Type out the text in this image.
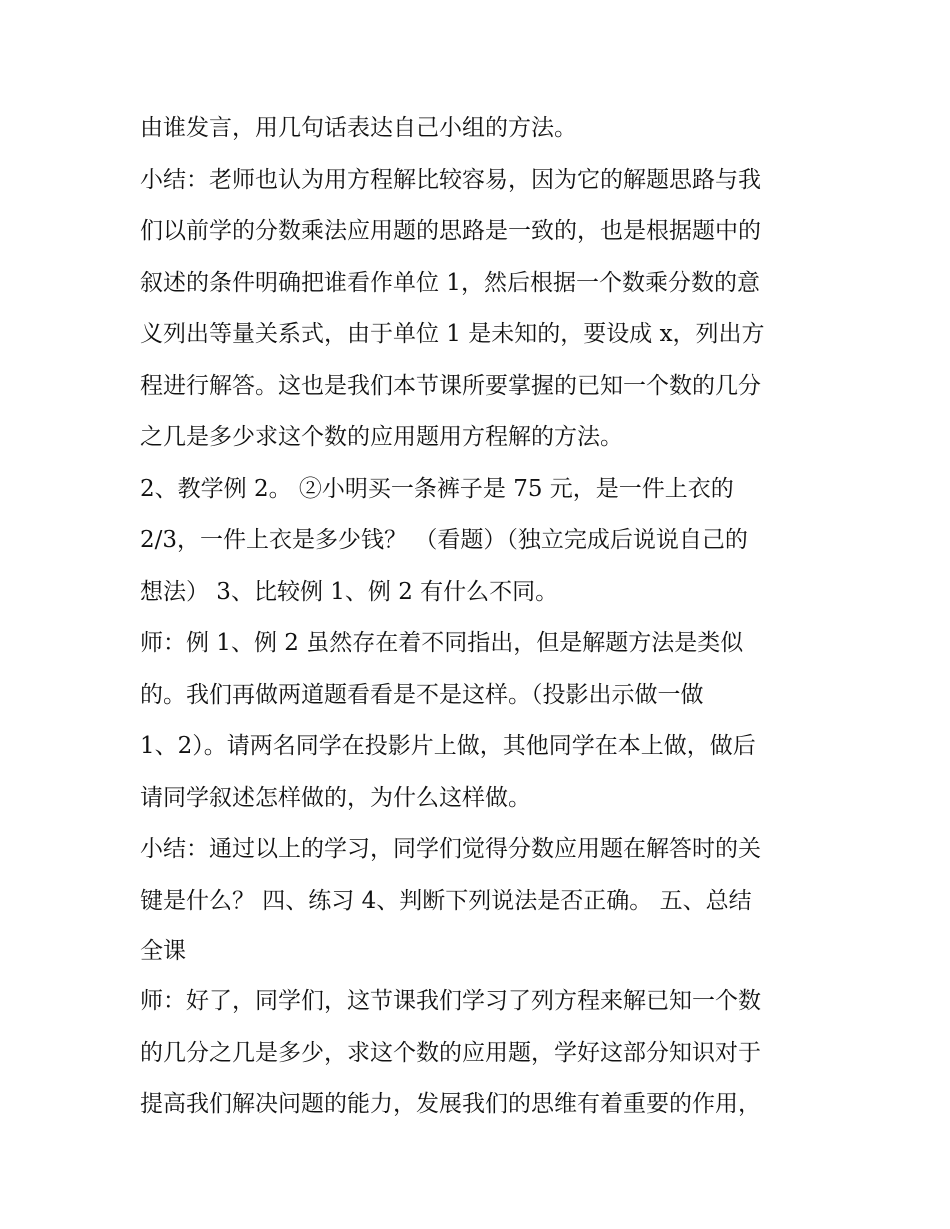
由谁发言，用几句话表达自己小组的方法。
小结：老师也认为用方程解比较容易，因为它的解题思路与我
们以前学的分数乘法应用题的思路是一致的，也是根据题中的
叙述的条件明确把谁看作单位 1，然后根据一个数乘分数的意
义列出等量关系式，由于单位 1 是未知的，要设成 x，列出方
程进行解答。这也是我们本节课所要掌握的已知一个数的几分
之几是多少求这个数的应用题用方程解的方法。
2、教学例 2。 ②小明买一条裤子是 75 元，是一件上衣的
2/3，一件上衣是多少钱？ （看题）（独立完成后说说自己的
想法） 3、比较例 1、例 2 有什么不同。
师：例 1、例 2 虽然存在着不同指出，但是解题方法是类似
的。我们再做两道题看看是不是这样。（投影出示做一做
1、2）。请两名同学在投影片上做，其他同学在本上做，做后
请同学叙述怎样做的，为什么这样做。
小结：通过以上的学习，同学们觉得分数应用题在解答时的关
键是什么？ 四、练习 4、判断下列说法是否正确。 五、总结
全课
师：好了，同学们，这节课我们学习了列方程来解已知一个数
的几分之几是多少，求这个数的应用题，学好这部分知识对于
提高我们解决问题的能力，发展我们的思维有着重要的作用，
